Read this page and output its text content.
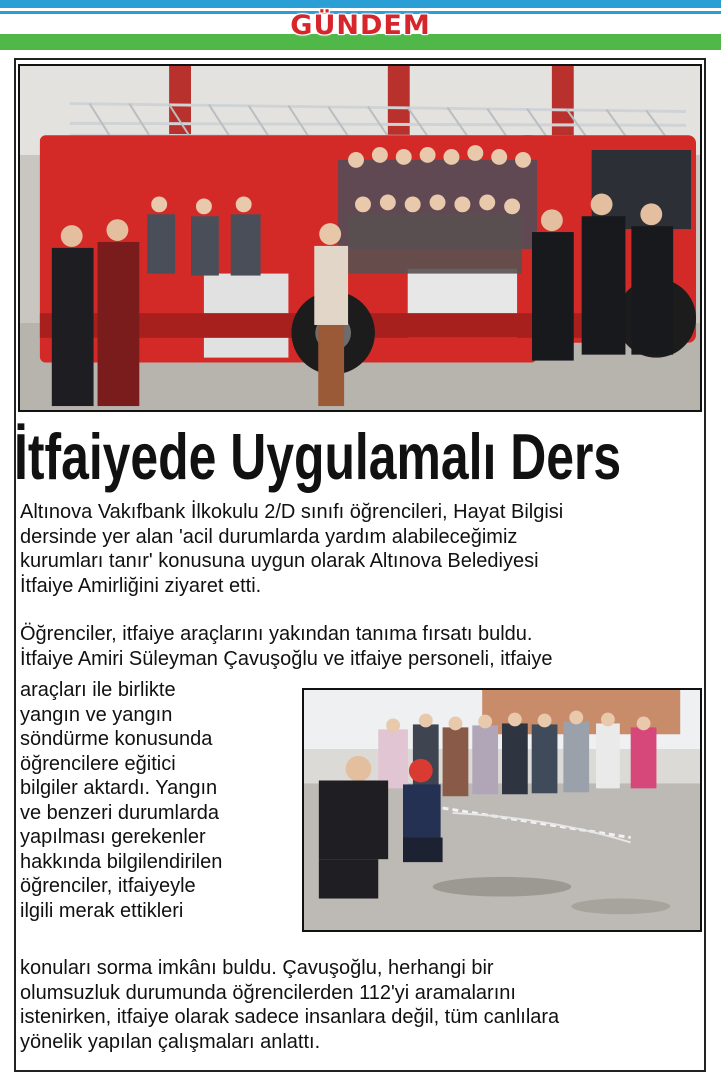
GÜNDEM
İtfaiyede Uygulamalı Ders
Altınova Vakıfbank İlkokulu 2/D sınıfı öğrencileri, Hayat Bilgisi
dersinde yer alan 'acil durumlarda yardım alabileceğimiz
kurumları tanır' konusuna uygun olarak Altınova Belediyesi
İtfaiye Amirliğini ziyaret etti.
Öğrenciler, itfaiye araçlarını yakından tanıma fırsatı buldu.
İtfaiye Amiri Süleyman Çavuşoğlu ve itfaiye personeli, itfaiye
araçları ile birlikte
yangın ve yangın
söndürme konusunda
öğrencilere eğitici
bilgiler aktardı. Yangın
ve benzeri durumlarda
yapılması gerekenler
hakkında bilgilendirilen
öğrenciler, itfaiyeyle
ilgili merak ettikleri
konuları sorma imkânı buldu. Çavuşoğlu, herhangi bir
olumsuzluk durumunda öğrencilerden 112'yi aramalarını
istenirken, itfaiye olarak sadece insanlara değil, tüm canlılara
yönelik yapılan çalışmaları anlattı.
